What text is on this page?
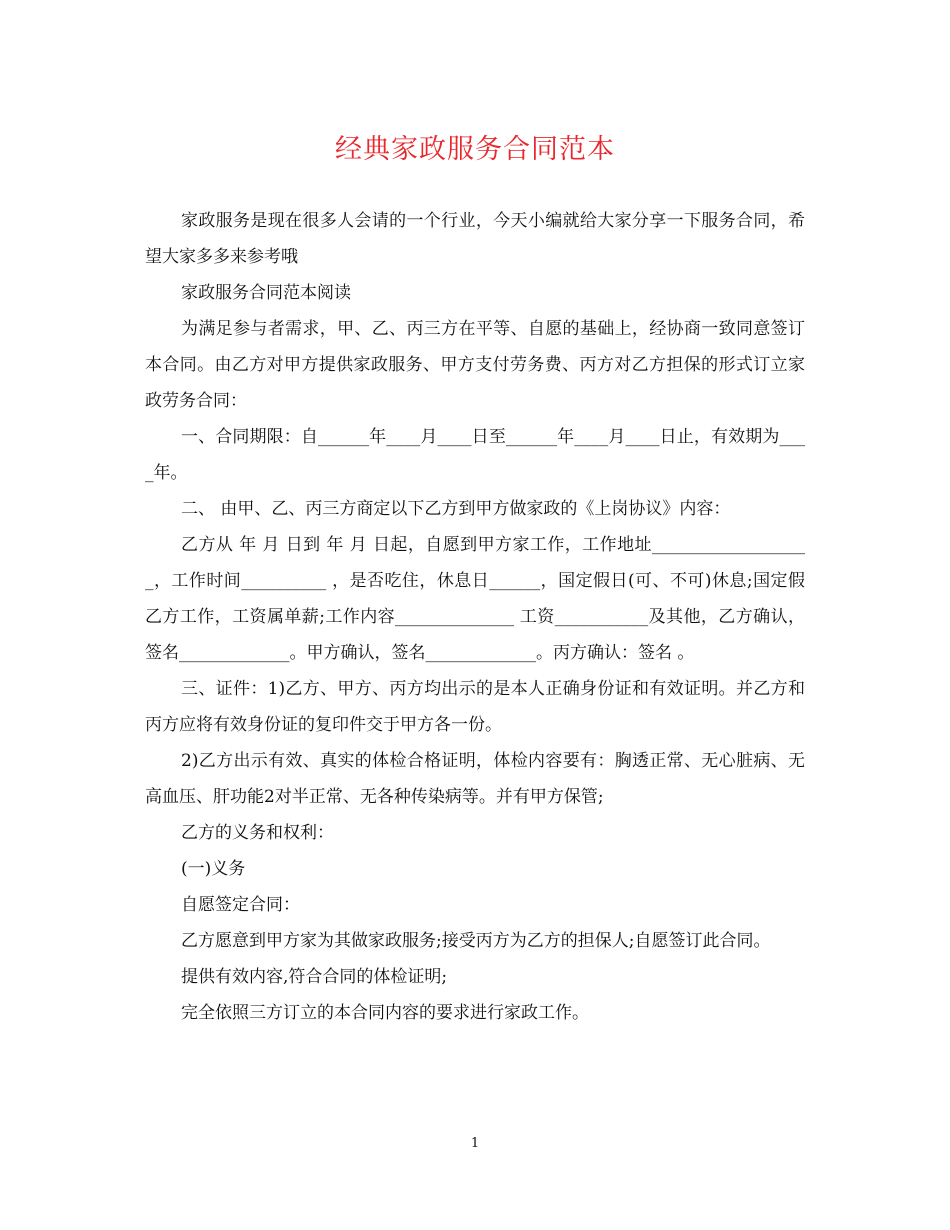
经典家政服务合同范本

家政服务是现在很多人会请的一个行业，今天小编就给大家分享一下服务合同，希望大家多多来参考哦

家政服务合同范本阅读

为满足参与者需求，甲、乙、丙三方在平等、自愿的基础上，经协商一致同意签订本合同。由乙方对甲方提供家政服务、甲方支付劳务费、丙方对乙方担保的形式订立家政劳务合同：

一、合同期限：自______年____月____日至______年____月____日止，有效期为____年。

二、 由甲、乙、丙三方商定以下乙方到甲方做家政的《上岗协议》内容：

乙方从 年 月 日到 年 月 日起，自愿到甲方家工作，工作地址___________________，工作时间__________ ，是否吃住，休息日______，国定假日(可、不可)休息;国定假乙方工作，工资属单薪;工作内容______________ 工资___________及其他，乙方确认，签名_____________。甲方确认，签名_____________。丙方确认：签名 。

三、证件：1)乙方、甲方、丙方均出示的是本人正确身份证和有效证明。并乙方和丙方应将有效身份证的复印件交于甲方各一份。

2)乙方出示有效、真实的体检合格证明，体检内容要有：胸透正常、无心脏病、无高血压、肝功能2对半正常、无各种传染病等。并有甲方保管;

乙方的义务和权利：

(一)义务

自愿签定合同：

乙方愿意到甲方家为其做家政服务;接受丙方为乙方的担保人;自愿签订此合同。

提供有效内容,符合合同的体检证明;

完全依照三方订立的本合同内容的要求进行家政工作。

1
